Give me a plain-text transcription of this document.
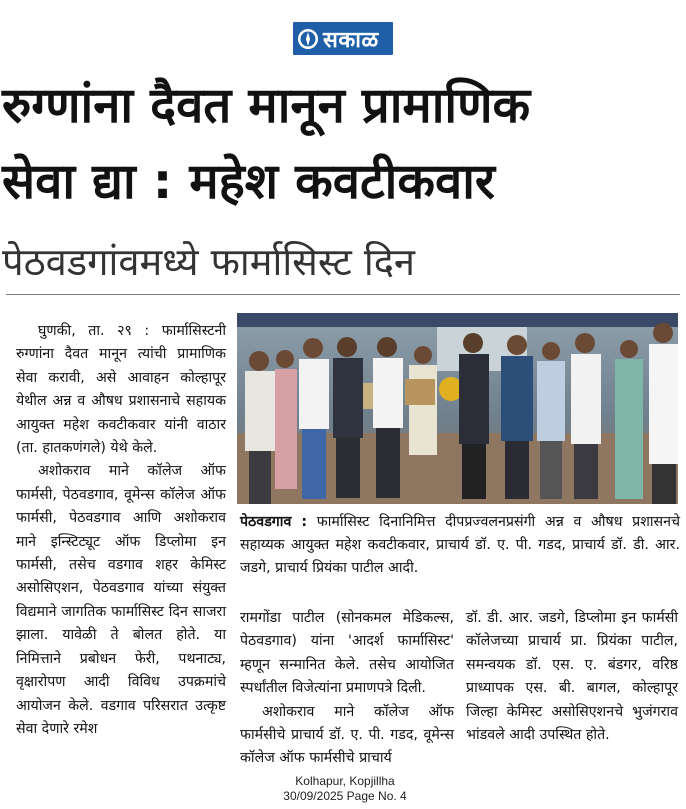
सकाळ
रुग्णांना दैवत मानून प्रामाणिक
सेवा द्या : महेश कवटीकवार
पेठवडगांवमध्ये फार्मासिस्ट दिन

घुणकी, ता. २९ : फार्मासिस्टनी रुग्णांना दैवत मानून त्यांची प्रामाणिक सेवा करावी, असे आवाहन कोल्हापूर येथील अन्न व औषध प्रशासनाचे सहायक आयुक्त महेश कवटीकवार यांनी वाठार (ता. हातकणंगले) येथे केले.

अशोकराव माने कॉलेज ऑफ फार्मसी, पेठवडगाव, वूमेन्स कॉलेज ऑफ फार्मसी, पेठवडगाव आणि अशोकराव माने इन्स्टिट्यूट ऑफ डिप्लोमा इन फार्मसी, तसेच वडगाव शहर केमिस्ट असोसिएशन, पेठवडगाव यांच्या संयुक्त विद्यमाने जागतिक फार्मासिस्ट दिन साजरा झाला. यावेळी ते बोलत होते. या निमित्ताने प्रबोधन फेरी, पथनाट्य, वृक्षारोपण आदी विविध उपक्रमांचे आयोजन केले. वडगाव परिसरात उत्कृष्ट सेवा देणारे रमेश

पेठवडगाव : फार्मासिस्ट दिनानिमित्त दीपप्रज्वलनप्रसंगी अन्न व औषध प्रशासनचे सहाय्यक आयुक्त महेश कवटीकवार, प्राचार्य डॉ. ए. पी. गडद, प्राचार्य डॉ. डी. आर. जडगे, प्राचार्य प्रियंका पाटील आदी.

रामगोंडा पाटील (सोनकमल मेडिकल्स, पेठवडगाव) यांना 'आदर्श फार्मासिस्ट' म्हणून सन्मानित केले. तसेच आयोजित स्पर्धांतील विजेत्यांना प्रमाणपत्रे दिली.

अशोकराव माने कॉलेज ऑफ फार्मसीचे प्राचार्य डॉ. ए. पी. गडद, वूमेन्स कॉलेज ऑफ फार्मसीचे प्राचार्य

डॉ. डी. आर. जडगे, डिप्लोमा इन फार्मसी कॉलेजच्या प्राचार्य प्रा. प्रियंका पाटील, समन्वयक डॉ. एस. ए. बंडगर, वरिष्ठ प्राध्यापक एस. बी. बागल, कोल्हापूर जिल्हा केमिस्ट असोसिएशनचे भुजंगराव भांडवले आदी उपस्थित होते.

Kolhapur, Kopjillha
30/09/2025 Page No. 4
